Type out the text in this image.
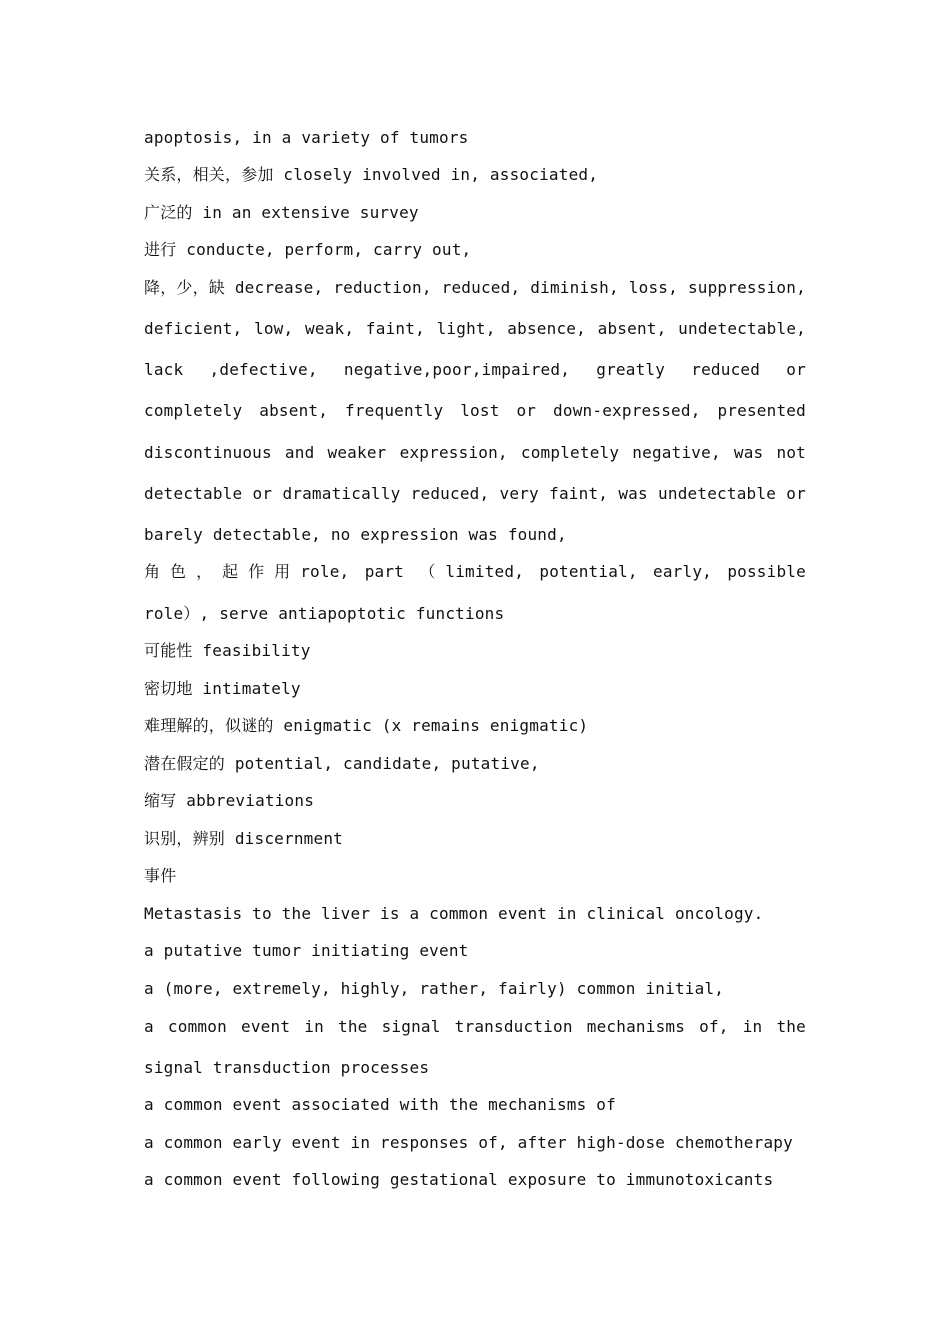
apoptosis, in a variety of tumors
关系，相关，参加 closely involved in, associated,
广泛的 in an extensive survey
进行 conducte, perform, carry out,
降，少，缺 decrease, reduction, reduced, diminish, loss, suppression,
deficient, low, weak, faint, light, absence, absent, undetectable,
lack ,defective, negative,poor,impaired, greatly reduced or
completely absent, frequently lost or down-expressed, presented
discontinuous and weaker expression, completely negative, was not
detectable or dramatically reduced, very faint, was undetectable or
barely detectable, no expression was found,
角 色 ， 起 作 用 role, part （ limited, potential, early, possible
role）, serve antiapoptotic functions
可能性 feasibility
密切地 intimately
难理解的，似谜的 enigmatic (x remains enigmatic)
潜在假定的 potential, candidate, putative,
缩写 abbreviations
识别，辨别 discernment
事件
Metastasis to the liver is a common event in clinical oncology.
a putative tumor initiating event
a (more, extremely, highly, rather, fairly) common initial,
a common event in the signal transduction mechanisms of, in the
signal transduction processes
a common event associated with the mechanisms of
a common early event in responses of, after high-dose chemotherapy
a common event following gestational exposure to immunotoxicants
